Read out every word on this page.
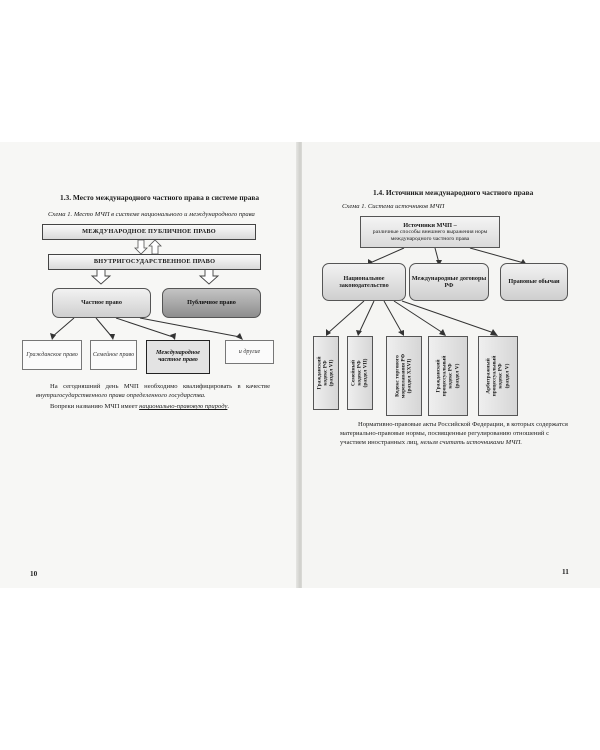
1.3. Место международного частного права в системе права
Схема 1. Место МЧП в системе национального и международного права
МЕЖДУНАРОДНОЕ ПУБЛИЧНОЕ ПРАВО
ВНУТРИГОСУДАРСТВЕННОЕ ПРАВО
Частное право	Публичное право
Гражданское право	Семейное право	Международное частное право
и другие
На сегодняшний день МЧП необходимо квалифицировать в качестве внутригосударственного права определенного государства.
Вопреки названию МЧП имеет национально-правовую природу.
10
1.4. Источники международного частного права
Схема 1. Система источников МЧП
Источники МЧП –
различные способы внешнего выражения норм международного частного права
Национальное законодательство
Международные договоры РФ
Правовые обычаи
Гражданский
кодекс РФ
(раздел VI)	Семейный
кодекс РФ
(раздел VII)
Кодекс торгового
мореплавания РФ
(раздел XXVI)	Гражданский
процессуальный
кодекс РФ
(раздел V)	Арбитражный
процессуальный
кодекс РФ
(раздел V)
Нормативно-правовые акты Российской Федерации, в которых содержатся материально-правовые нормы, посвященные регулированию отношений с участием иностранных лиц, нельзя считать источниками МЧП.
11
